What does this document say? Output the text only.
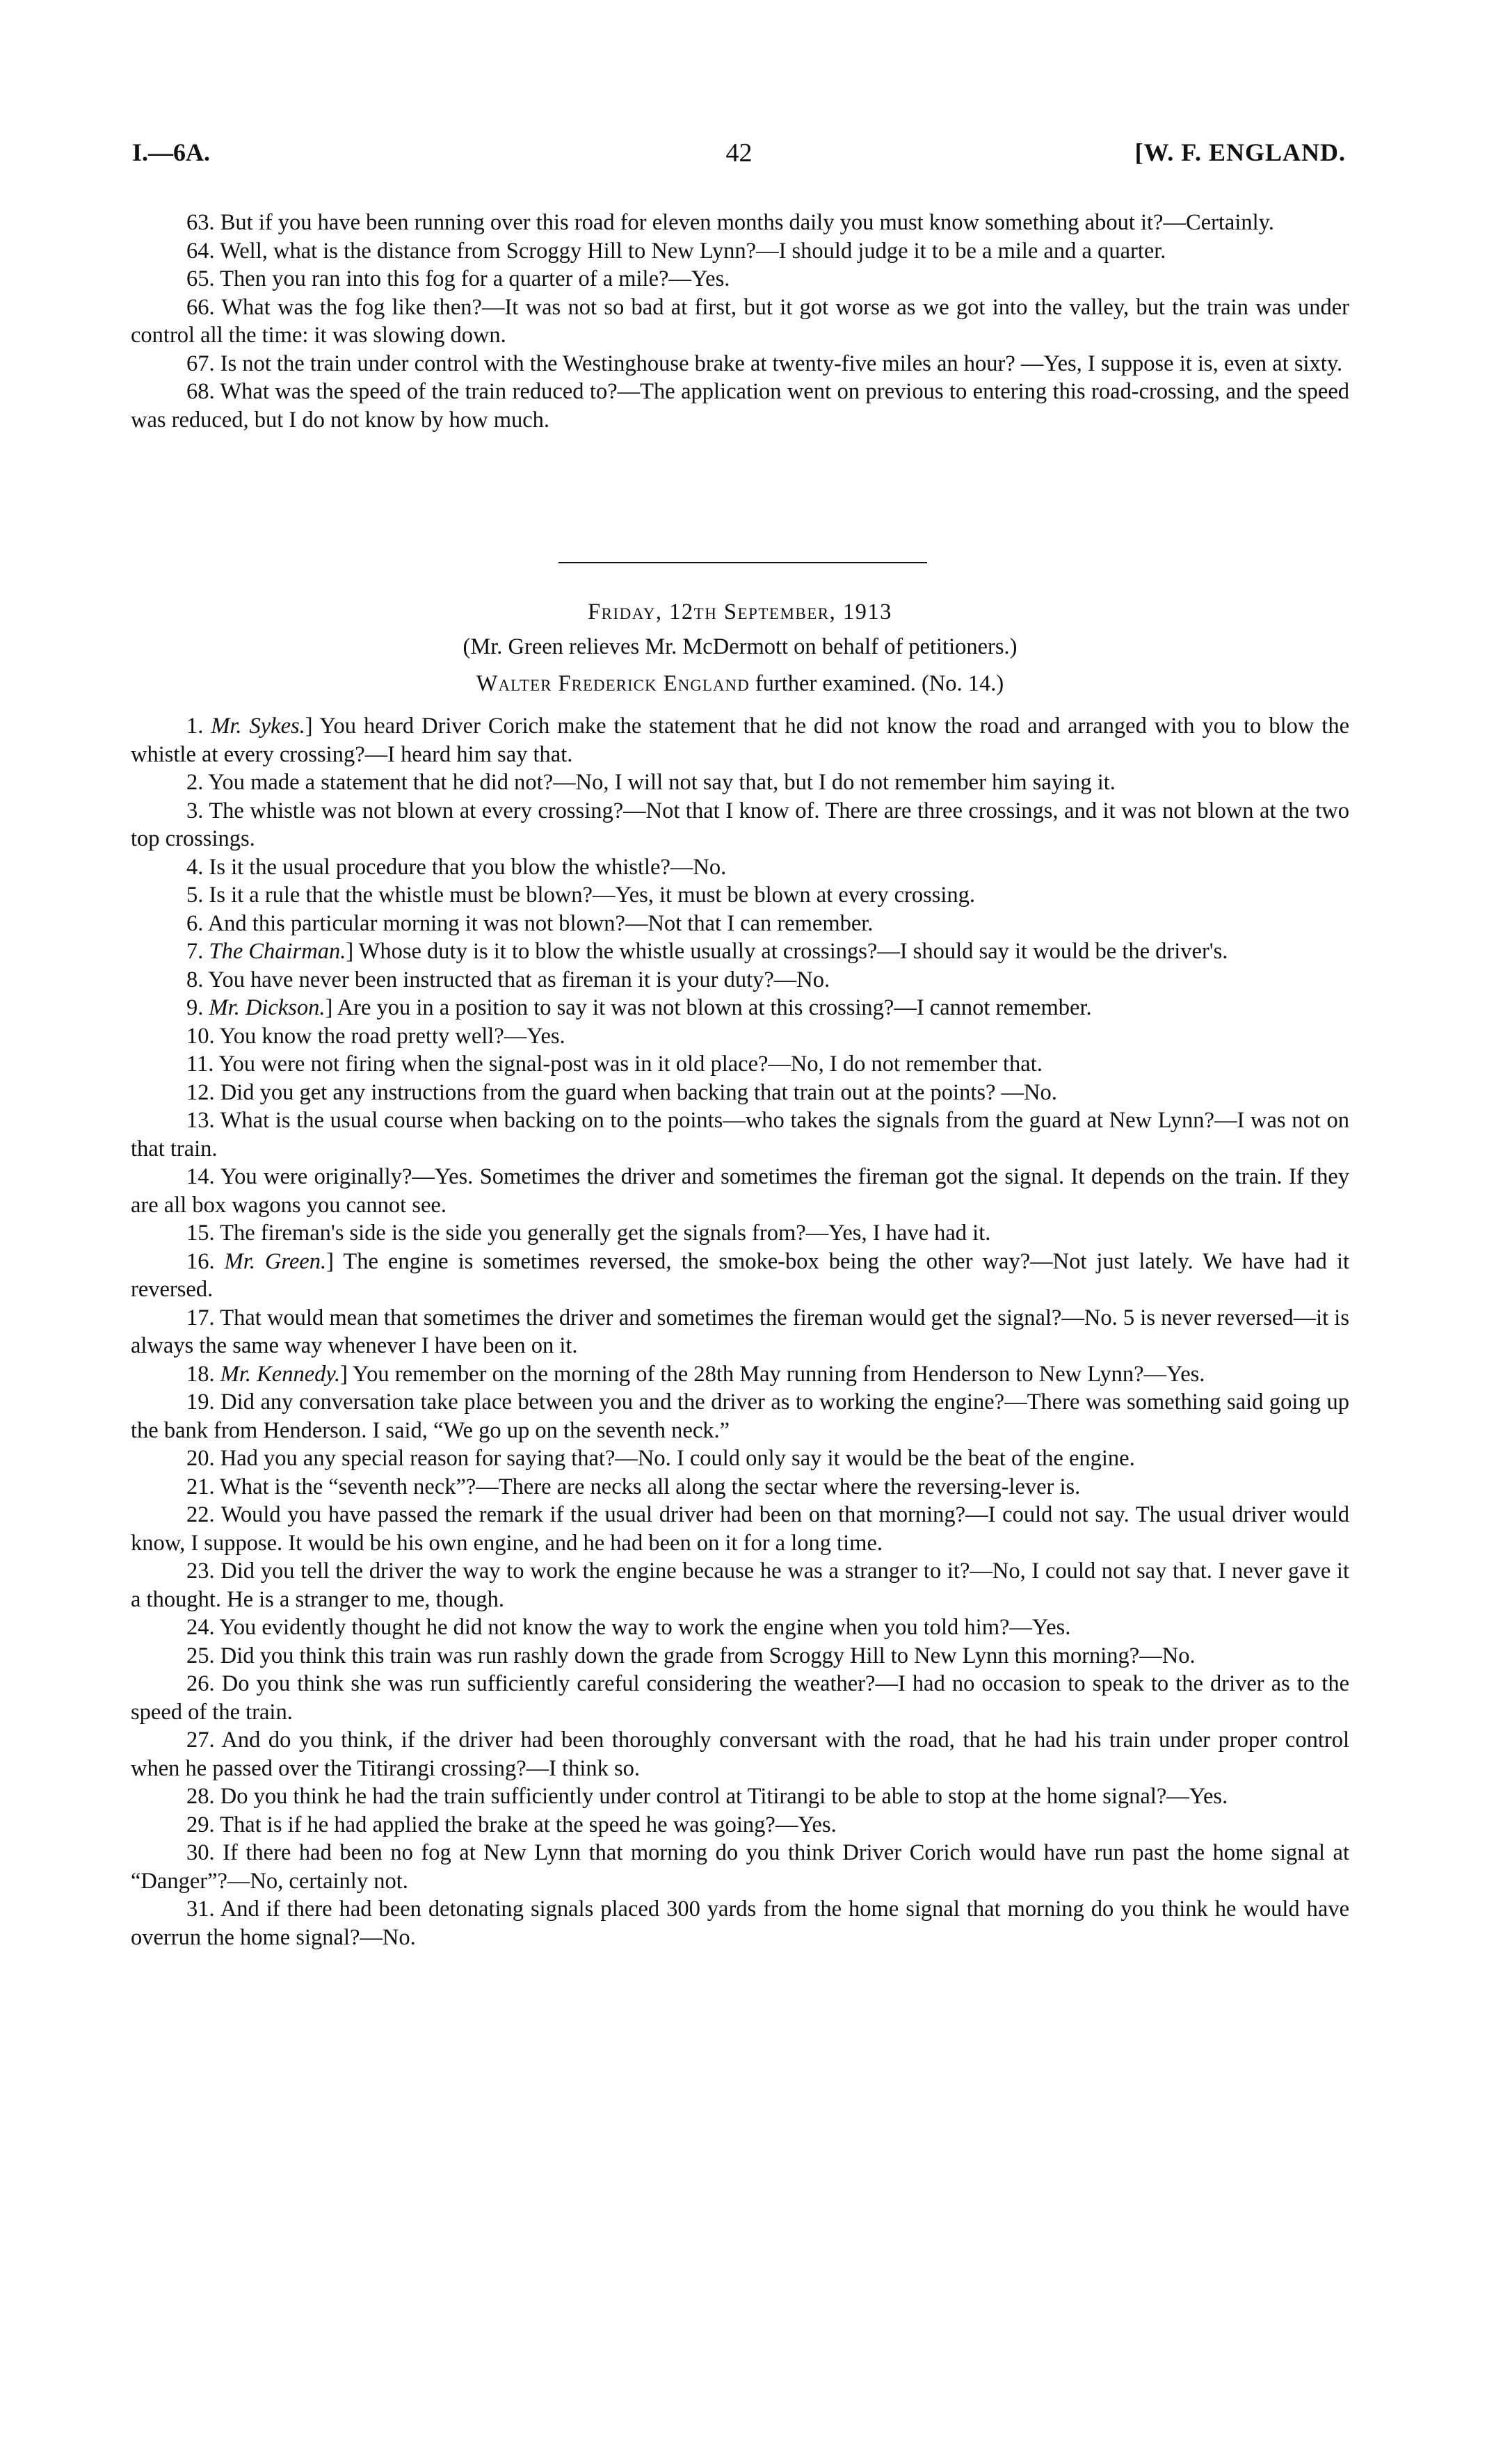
I.—6A.	42	[W. F. ENGLAND.

63. But if you have been running over this road for eleven months daily you must know something about it?—Certainly.

64. Well, what is the distance from Scroggy Hill to New Lynn?—I should judge it to be a mile and a quarter.

65. Then you ran into this fog for a quarter of a mile?—Yes.

66. What was the fog like then?—It was not so bad at first, but it got worse as we got into the valley, but the train was under control all the time: it was slowing down.

67. Is not the train under control with the Westinghouse brake at twenty-five miles an hour? —Yes, I suppose it is, even at sixty.

68. What was the speed of the train reduced to?—The application went on previous to entering this road-crossing, and the speed was reduced, but I do not know by how much.

Friday, 12th September, 1913
(Mr. Green relieves Mr. McDermott on behalf of petitioners.)
Walter Frederick England further examined. (No. 14.)

1. Mr. Sykes.] You heard Driver Corich make the statement that he did not know the road and arranged with you to blow the whistle at every crossing?—I heard him say that.

2. You made a statement that he did not?—No, I will not say that, but I do not remember him saying it.

3. The whistle was not blown at every crossing?—Not that I know of. There are three crossings, and it was not blown at the two top crossings.

4. Is it the usual procedure that you blow the whistle?—No.

5. Is it a rule that the whistle must be blown?—Yes, it must be blown at every crossing.

6. And this particular morning it was not blown?—Not that I can remember.

7. The Chairman.] Whose duty is it to blow the whistle usually at crossings?—I should say it would be the driver's.

8. You have never been instructed that as fireman it is your duty?—No.

9. Mr. Dickson.] Are you in a position to say it was not blown at this crossing?—I cannot remember.

10. You know the road pretty well?—Yes.

11. You were not firing when the signal-post was in it old place?—No, I do not remember that.

12. Did you get any instructions from the guard when backing that train out at the points? —No.

13. What is the usual course when backing on to the points—who takes the signals from the guard at New Lynn?—I was not on that train.

14. You were originally?—Yes. Sometimes the driver and sometimes the fireman got the signal. It depends on the train. If they are all box wagons you cannot see.

15. The fireman's side is the side you generally get the signals from?—Yes, I have had it.

16. Mr. Green.] The engine is sometimes reversed, the smoke-box being the other way?—Not just lately. We have had it reversed.

17. That would mean that sometimes the driver and sometimes the fireman would get the signal?—No. 5 is never reversed—it is always the same way whenever I have been on it.

18. Mr. Kennedy.] You remember on the morning of the 28th May running from Henderson to New Lynn?—Yes.

19. Did any conversation take place between you and the driver as to working the engine?—There was something said going up the bank from Henderson. I said, “We go up on the seventh neck.”

20. Had you any special reason for saying that?—No. I could only say it would be the beat of the engine.

21. What is the “seventh neck”?—There are necks all along the sectar where the reversing-lever is.

22. Would you have passed the remark if the usual driver had been on that morning?—I could not say. The usual driver would know, I suppose. It would be his own engine, and he had been on it for a long time.

23. Did you tell the driver the way to work the engine because he was a stranger to it?—No, I could not say that. I never gave it a thought. He is a stranger to me, though.

24. You evidently thought he did not know the way to work the engine when you told him?—Yes.

25. Did you think this train was run rashly down the grade from Scroggy Hill to New Lynn this morning?—No.

26. Do you think she was run sufficiently careful considering the weather?—I had no occasion to speak to the driver as to the speed of the train.

27. And do you think, if the driver had been thoroughly conversant with the road, that he had his train under proper control when he passed over the Titirangi crossing?—I think so.

28. Do you think he had the train sufficiently under control at Titirangi to be able to stop at the home signal?—Yes.

29. That is if he had applied the brake at the speed he was going?—Yes.

30. If there had been no fog at New Lynn that morning do you think Driver Corich would have run past the home signal at “Danger”?—No, certainly not.

31. And if there had been detonating signals placed 300 yards from the home signal that morning do you think he would have overrun the home signal?—No.
